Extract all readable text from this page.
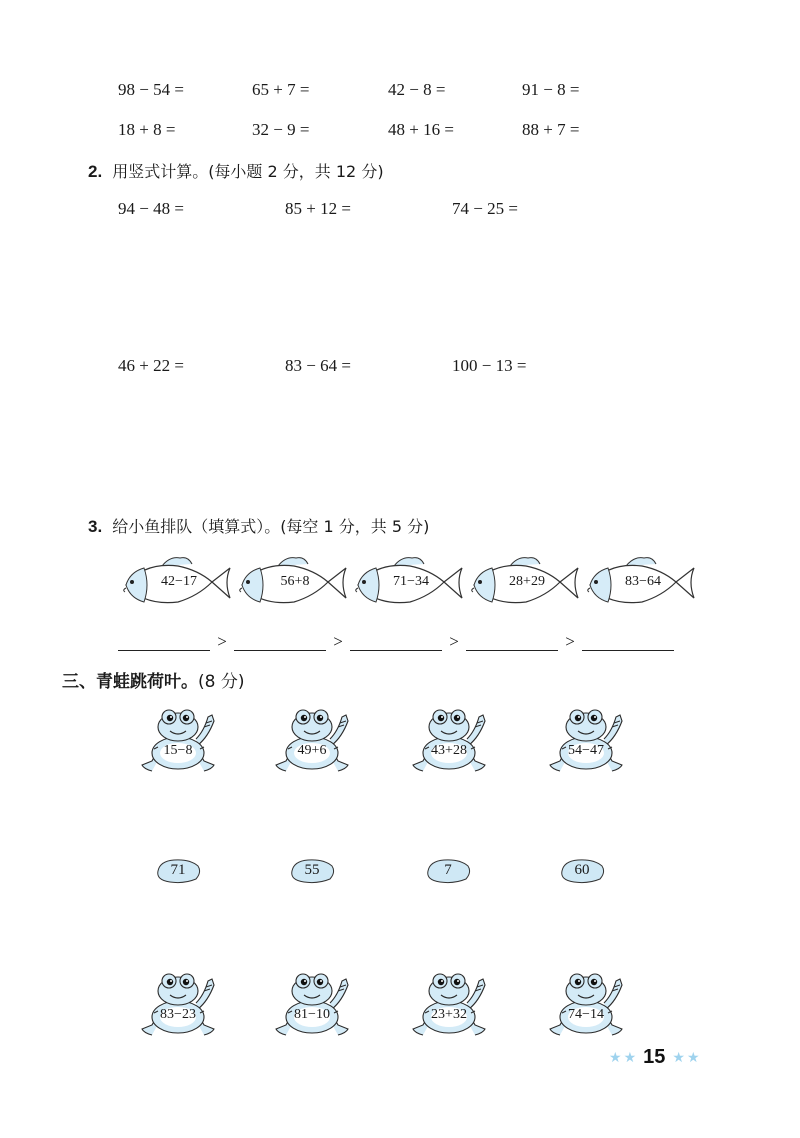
98 − 54 =	65 + 7 =	42 − 8 =	91 − 8 =
18 + 8 =	32 − 9 =	48 + 16 =	88 + 7 =
2. 用竖式计算。(每小题 2 分，共 12 分)
94 − 48 =	85 + 12 =	74 − 25 =
46 + 22 =	83 − 64 =	100 − 13 =
3. 给小鱼排队（填算式）。(每空 1 分，共 5 分)
42−17	56+8	71−34	28+29	83−64
>	>	>	>
三、青蛙跳荷叶。(8 分)
15−8	49+6	43+28	54−47
71	55	7	60
83−23	81−10	23+32	74−14
★ ★ 15 ★ ★
